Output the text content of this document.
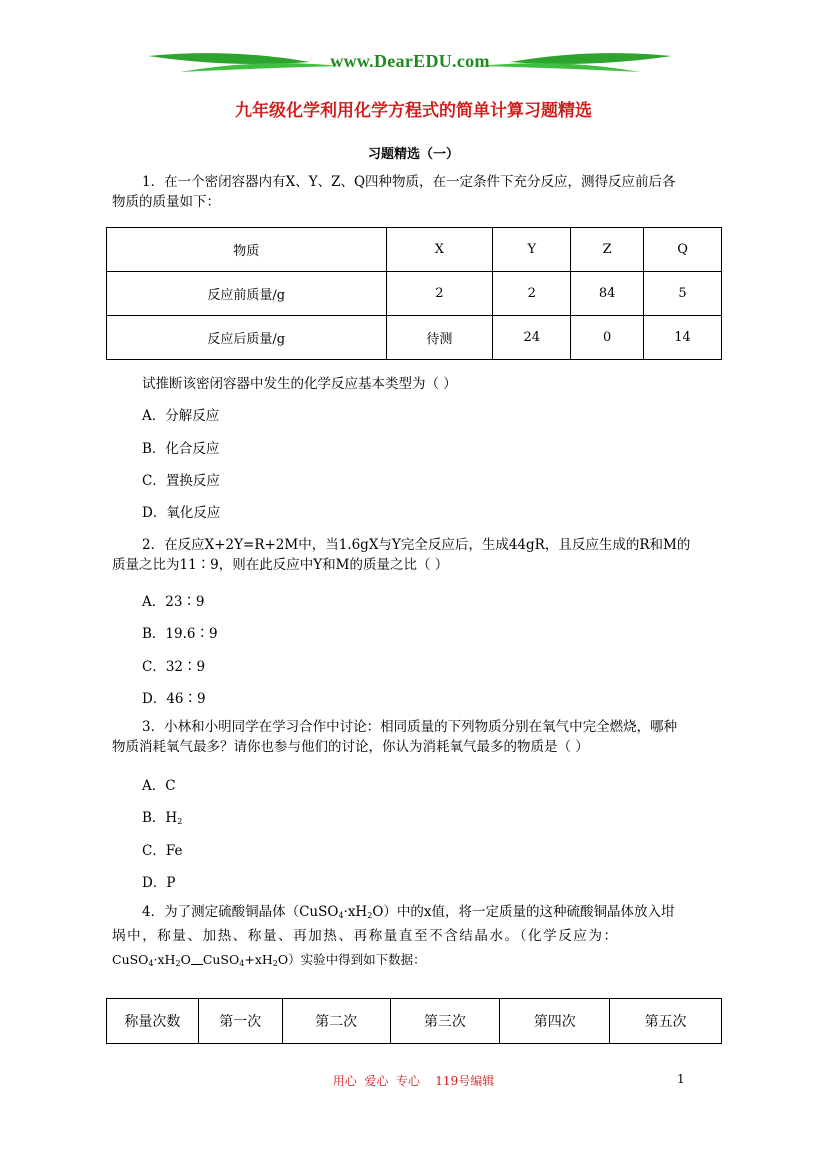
www.DearEDU.com
九年级化学利用化学方程式的简单计算习题精选
习题精选（一）
1．在一个密闭容器内有X、Y、Z、Q四种物质，在一定条件下充分反应，测得反应前后各
物质的质量如下：
物质	X	Y	Z	Q
反应前质量/g	2	2	84	5
反应后质量/g	待测	24	0	14
试推断该密闭容器中发生的化学反应基本类型为（ ）
A．分解反应
B．化合反应
C．置换反应
D．氧化反应
2．在反应X+2Y=R+2M中，当1.6gX与Y完全反应后，生成44gR，且反应生成的R和M的
质量之比为11∶9，则在此反应中Y和M的质量之比（ ）
A．23∶9
B．19.6∶9
C．32∶9
D．46∶9
3．小林和小明同学在学习合作中讨论：相同质量的下列物质分别在氧气中完全燃烧，哪种
物质消耗氧气最多？请你也参与他们的讨论，你认为消耗氧气最多的物质是（ ）
A．C
B．$H_2$
C．Fe
D．P
4．为了测定硫酸铜晶体$(CuSO_4\cdot xH_2O)$中的x值，将一定质量的这种硫酸铜晶体放入坩
埚中，称量、加热、称量、再加热、再称量直至不含结晶水。（化学反应为：
$CuSO_4\cdot xH_2O$ $CuSO_4+xH_2O$）实验中得到如下数据：
称量次数	第一次	第二次	第三次	第四次	第五次
用心  爱心  专心    119号编辑	1
